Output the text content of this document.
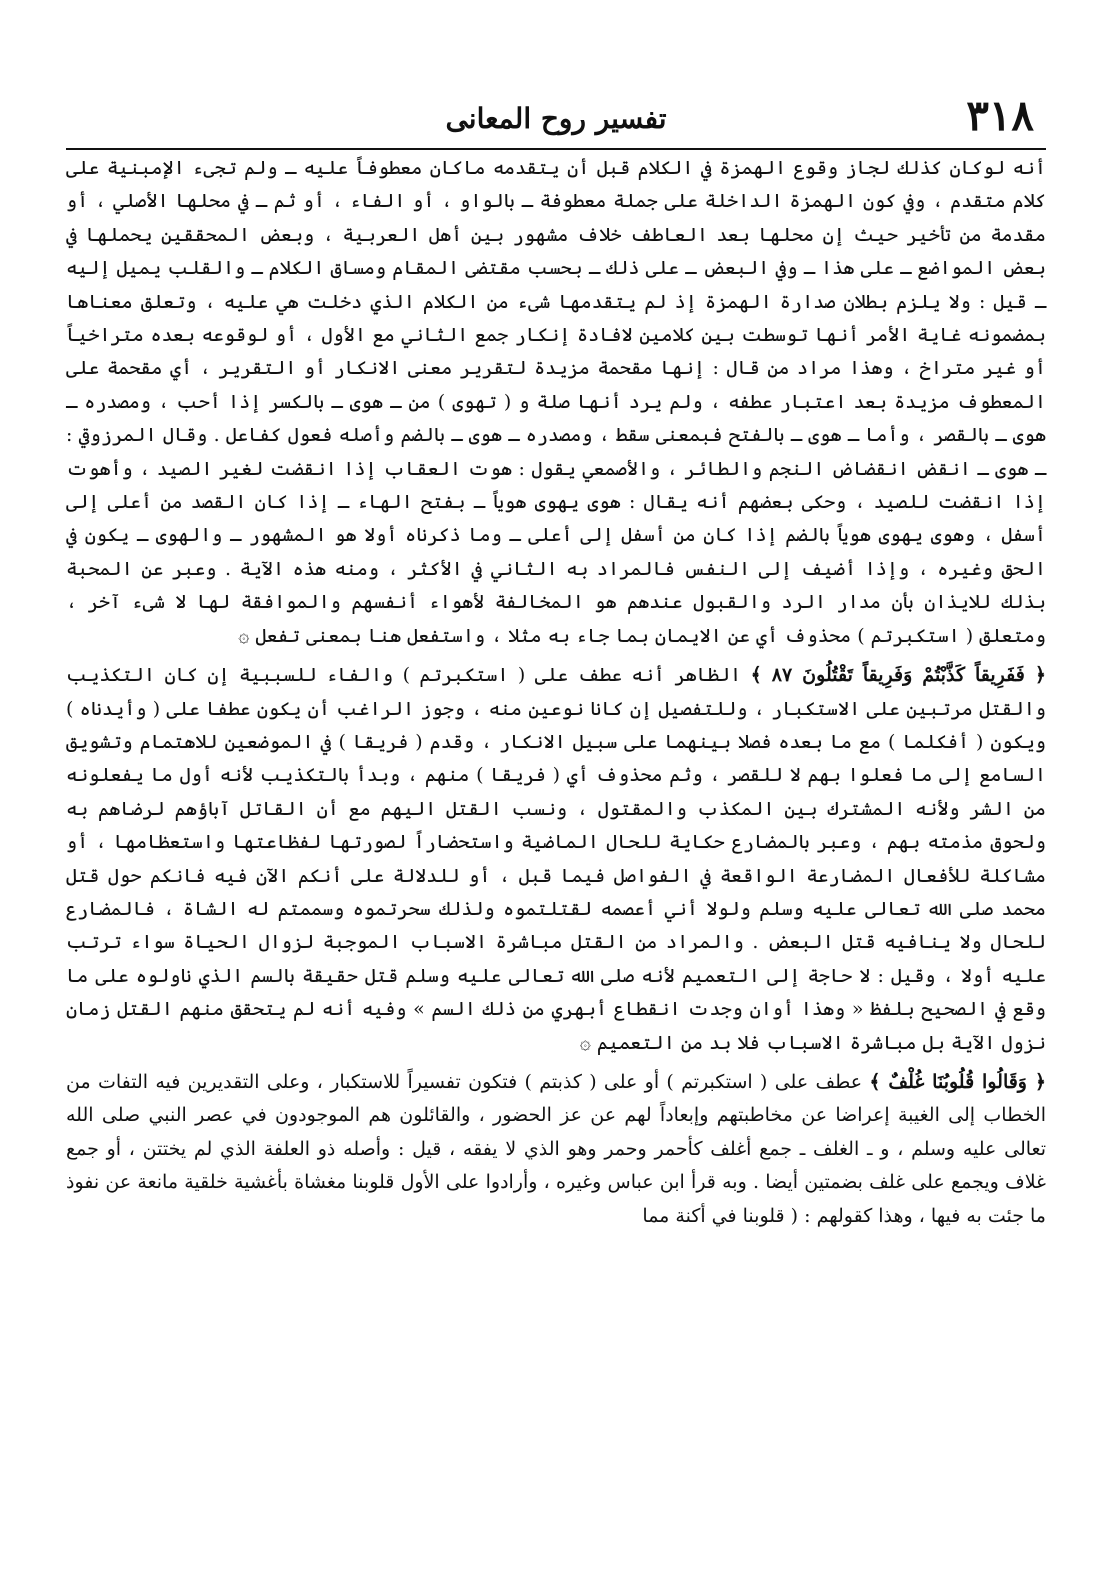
٣١٨
تفسير روح المعانى

أنه لوكان كذلك لجاز وقوع الهمزة في الكلام قبل أن يتقدمه ماكان معطوفاً عليه ـ ولم تجىء الإمبنية على كلام متقدم ، وفي كون الهمزة الداخلة على جملة معطوفة ـ بالواو ، أو الفاء ، أو ثم ـ في محلها الأصلي ، أو مقدمة من تأخير حيث إن محلها بعد العاطف خلاف مشهور بين أهل العربية ، وبعض المحققين يحملها في بعض المواضع ـ على هذا ـ وفي البعض ـ على ذلك ـ بحسب مقتضى المقام ومساق الكلام ـ والقلب يميل إليه ـ قيل : ولا يلزم بطلان صدارة الهمزة إذ لم يتقدمها شىء من الكلام الذي دخلت هي عليه ، وتعلق معناها بمضمونه غاية الأمر أنها توسطت بين كلامين لافادة إنكار جمع الثاني مع الأول ، أو لوقوعه بعده متراخياً أو غير متراخ ، وهذا مراد من قال : إنها مقحمة مزيدة لتقرير معنى الانكار أو التقرير ، أي مقحمة على المعطوف مزيدة بعد اعتبار عطفه ، ولم يرد أنها صلة و ( تهوى ) من ـ هوى ـ بالكسر إذا أحب ، ومصدره ـ هوى ـ بالقصر ، وأما ـ هوى ـ بالفتح فبمعنى سقط ، ومصدره ـ هوى ـ بالضم وأصله فعول كفاعل . وقال المرزوقي : ـ هوى ـ انقض انقضاض النجم والطائر ، والأصمعي يقول : هوت العقاب إذا انقضت لغير الصيد ، وأهوت إذا انقضت للصيد ، وحكى بعضهم أنه يقال : هوى يهوى هوياً ـ بفتح الهاء ـ إذا كان القصد من أعلى إلى أسفل ، وهوى يهوى هوياً بالضم إذا كان من أسفل إلى أعلى ـ وما ذكرناه أولا هو المشهور ـ والهوى ـ يكون في الحق وغيره ، وإذا أضيف إلى النفس فالمراد به الثاني في الأكثر ، ومنه هذه الآية . وعبر عن المحبة بذلك للايذان بأن مدار الرد والقبول عندهم هو المخالفة لأهواء أنفسهم والموافقة لها لا شىء آخر ، ومتعلق ( استكبرتم ) محذوف أي عن الايمان بما جاء به مثلا ، واستفعل هنا بمعنى تفعل ۞

﴿ فَفَرِيقاً كَذَّبْتُمْ وَفَرِيقاً تَقْتُلُونَ ٨٧ ﴾ الظاهر أنه عطف على ( استكبرتم ) والفاء للسببية إن كان التكذيب والقتل مرتبين على الاستكبار ، وللتفصيل إن كانا نوعين منه ، وجوز الراغب أن يكون عطفا على ( وأيدناه ) ويكون ( أفكلما ) مع ما بعده فصلا بينهما على سبيل الانكار ، وقدم ( فريقا ) في الموضعين للاهتمام وتشويق السامع إلى ما فعلوا بهم لا للقصر ، وثم محذوف أي ( فريقا ) منهم ، وبدأ بالتكذيب لأنه أول ما يفعلونه من الشر ولأنه المشترك بين المكذب والمقتول ، ونسب القتل اليهم مع أن القاتل آباؤهم لرضاهم به ولحوق مذمته بهم ، وعبر بالمضارع حكاية للحال الماضية واستحضاراً لصورتها لفظاعتها واستعظامها ، أو مشاكلة للأفعال المضارعة الواقعة في الفواصل فيما قبل ، أو للدلالة على أنكم الآن فيه فانكم حول قتل محمد صلى الله تعالى عليه وسلم ولولا أني أعصمه لقتلتموه ولذلك سحرتموه وسممتم له الشاة ، فالمضارع للحال ولا ينافيه قتل البعض . والمراد من القتل مباشرة الاسباب الموجبة لزوال الحياة سواء ترتب عليه أولا ، وقيل : لا حاجة إلى التعميم لأنه صلى الله تعالى عليه وسلم قتل حقيقة بالسم الذي ناولوه على ما وقع في الصحيح بلفظ « وهذا أوان وجدت انقطاع أبهري من ذلك السم » وفيه أنه لم يتحقق منهم القتل زمان نزول الآية بل مباشرة الاسباب فلا بد من التعميم ۞

﴿ وَقَالُوا قُلُوبُنَا غُلْفٌ ﴾ عطف على ( استكبرتم ) أو على ( كذبتم ) فتكون تفسيراً للاستكبار ، وعلى التقديرين فيه التفات من الخطاب إلى الغيبة إعراضا عن مخاطبتهم وإبعاداً لهم عن عز الحضور ، والقائلون هم الموجودون في عصر النبي صلى الله تعالى عليه وسلم ، و ـ الغلف ـ جمع أغلف كأحمر وحمر وهو الذي لا يفقه ، قيل : وأصله ذو العلفة الذي لم يختتن ، أو جمع غلاف ويجمع على غلف بضمتين أيضا . وبه قرأ ابن عباس وغيره ، وأرادوا على الأول قلوبنا مغشاة بأغشية خلقية مانعة عن نفوذ ما جئت به فيها ، وهذا كقولهم : ( قلوبنا في أكنة مما
